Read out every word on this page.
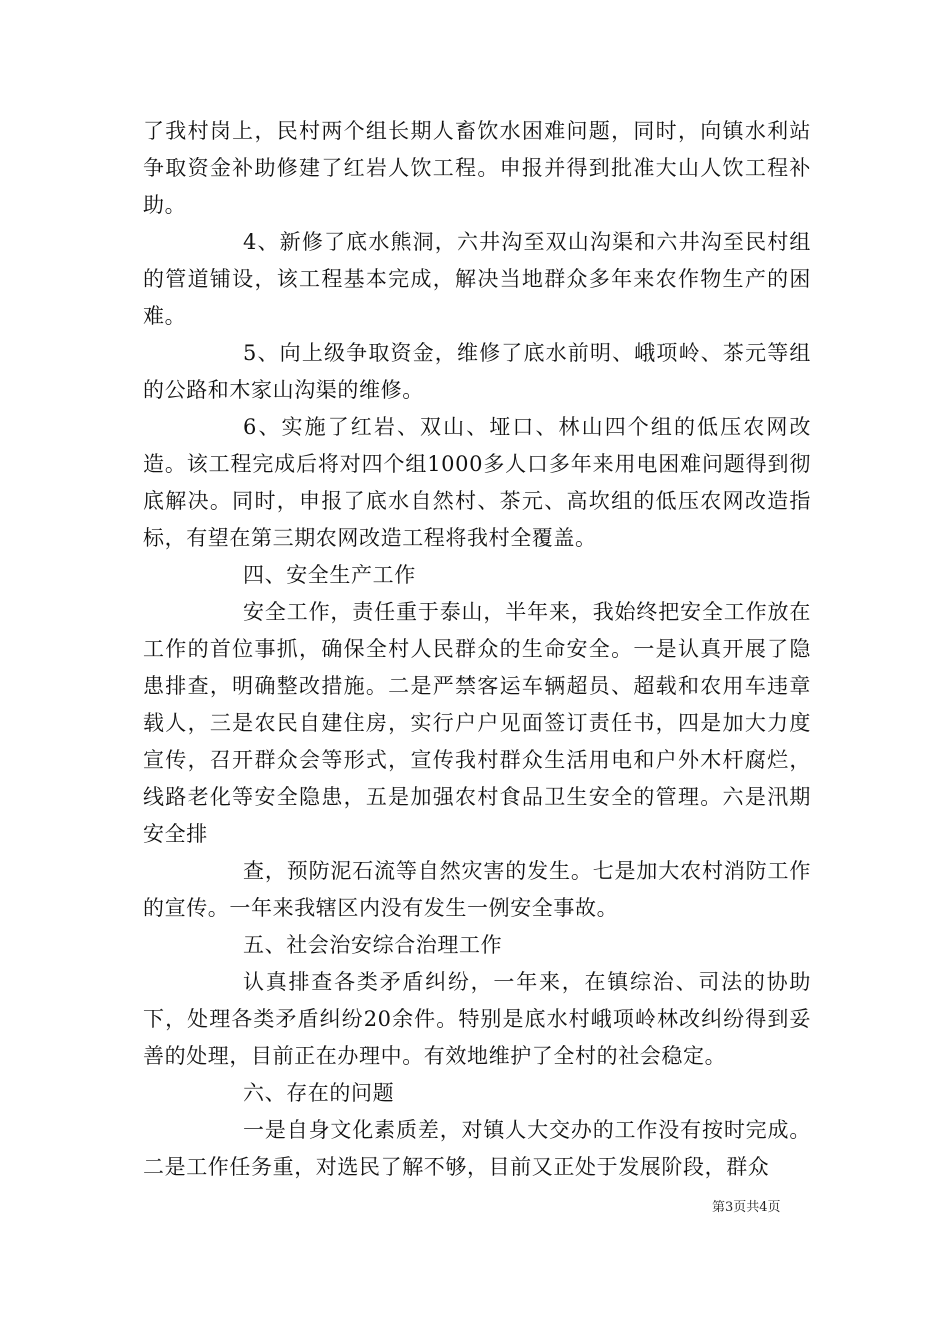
了我村岗上，民村两个组长期人畜饮水困难问题，同时，向镇水利站争取资金补助修建了红岩人饮工程。申报并得到批准大山人饮工程补助。

4、新修了底水熊洞，六井沟至双山沟渠和六井沟至民村组的管道铺设，该工程基本完成，解决当地群众多年来农作物生产的困难。

5、向上级争取资金，维修了底水前明、峨项岭、茶元等组的公路和木家山沟渠的维修。

6、实施了红岩、双山、垭口、林山四个组的低压农网改造。该工程完成后将对四个组1000多人口多年来用电困难问题得到彻底解决。同时，申报了底水自然村、茶元、高坎组的低压农网改造指标，有望在第三期农网改造工程将我村全覆盖。

四、安全生产工作

安全工作，责任重于泰山，半年来，我始终把安全工作放在工作的首位事抓，确保全村人民群众的生命安全。一是认真开展了隐患排查，明确整改措施。二是严禁客运车辆超员、超载和农用车违章载人，三是农民自建住房，实行户户见面签订责任书，四是加大力度宣传，召开群众会等形式，宣传我村群众生活用电和户外木杆腐烂，线路老化等安全隐患，五是加强农村食品卫生安全的管理。六是汛期安全排

查，预防泥石流等自然灾害的发生。七是加大农村消防工作的宣传。一年来我辖区内没有发生一例安全事故。

五、社会治安综合治理工作

认真排查各类矛盾纠纷，一年来，在镇综治、司法的协助下，处理各类矛盾纠纷20余件。特别是底水村峨项岭林改纠纷得到妥善的处理，目前正在办理中。有效地维护了全村的社会稳定。

六、存在的问题

一是自身文化素质差，对镇人大交办的工作没有按时完成。二是工作任务重，对选民了解不够，目前又正处于发展阶段，群众

第3页共4页
